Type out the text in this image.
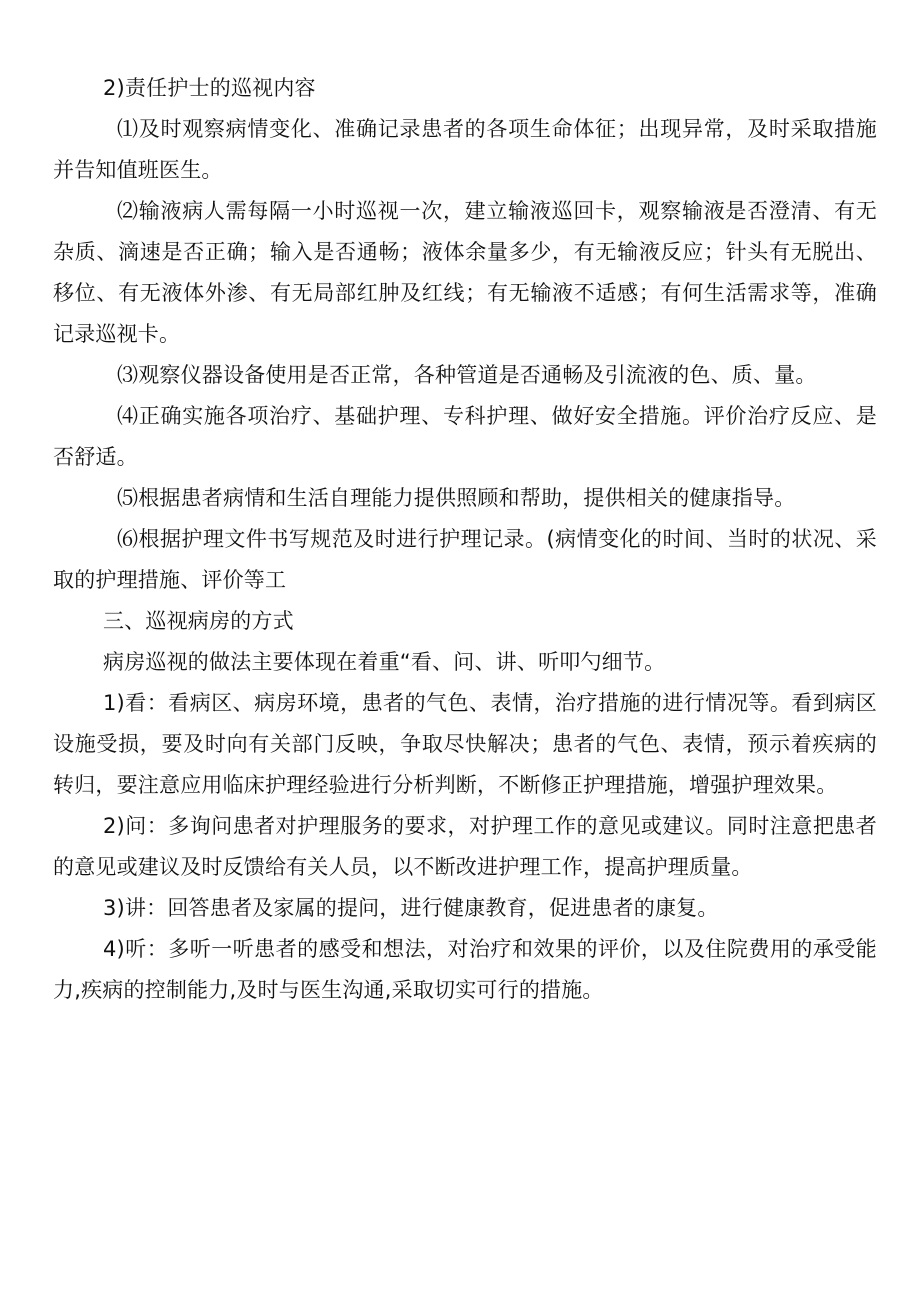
2)责任护士的巡视内容

⑴及时观察病情变化、准确记录患者的各项生命体征；出现异常，及时采取措施并告知值班医生。

⑵输液病人需每隔一小时巡视一次，建立输液巡回卡，观察输液是否澄清、有无杂质、滴速是否正确；输入是否通畅；液体余量多少，有无输液反应；针头有无脱出、移位、有无液体外渗、有无局部红肿及红线；有无输液不适感；有何生活需求等，准确记录巡视卡。

⑶观察仪器设备使用是否正常，各种管道是否通畅及引流液的色、质、量。

⑷正确实施各项治疗、基础护理、专科护理、做好安全措施。评价治疗反应、是否舒适。

⑸根据患者病情和生活自理能力提供照顾和帮助，提供相关的健康指导。

⑹根据护理文件书写规范及时进行护理记录。(病情变化的时间、当时的状况、采取的护理措施、评价等工

三、巡视病房的方式

病房巡视的做法主要体现在着重“看、问、讲、听叩勺细节。

1)看：看病区、病房环境，患者的气色、表情，治疗措施的进行情况等。看到病区设施受损，要及时向有关部门反映，争取尽快解决；患者的气色、表情，预示着疾病的转归，要注意应用临床护理经验进行分析判断，不断修正护理措施，增强护理效果。

2)问：多询问患者对护理服务的要求，对护理工作的意见或建议。同时注意把患者的意见或建议及时反馈给有关人员，以不断改进护理工作，提高护理质量。

3)讲：回答患者及家属的提问，进行健康教育，促进患者的康复。

4)听：多听一听患者的感受和想法，对治疗和效果的评价，以及住院费用的承受能力,疾病的控制能力,及时与医生沟通,采取切实可行的措施。
